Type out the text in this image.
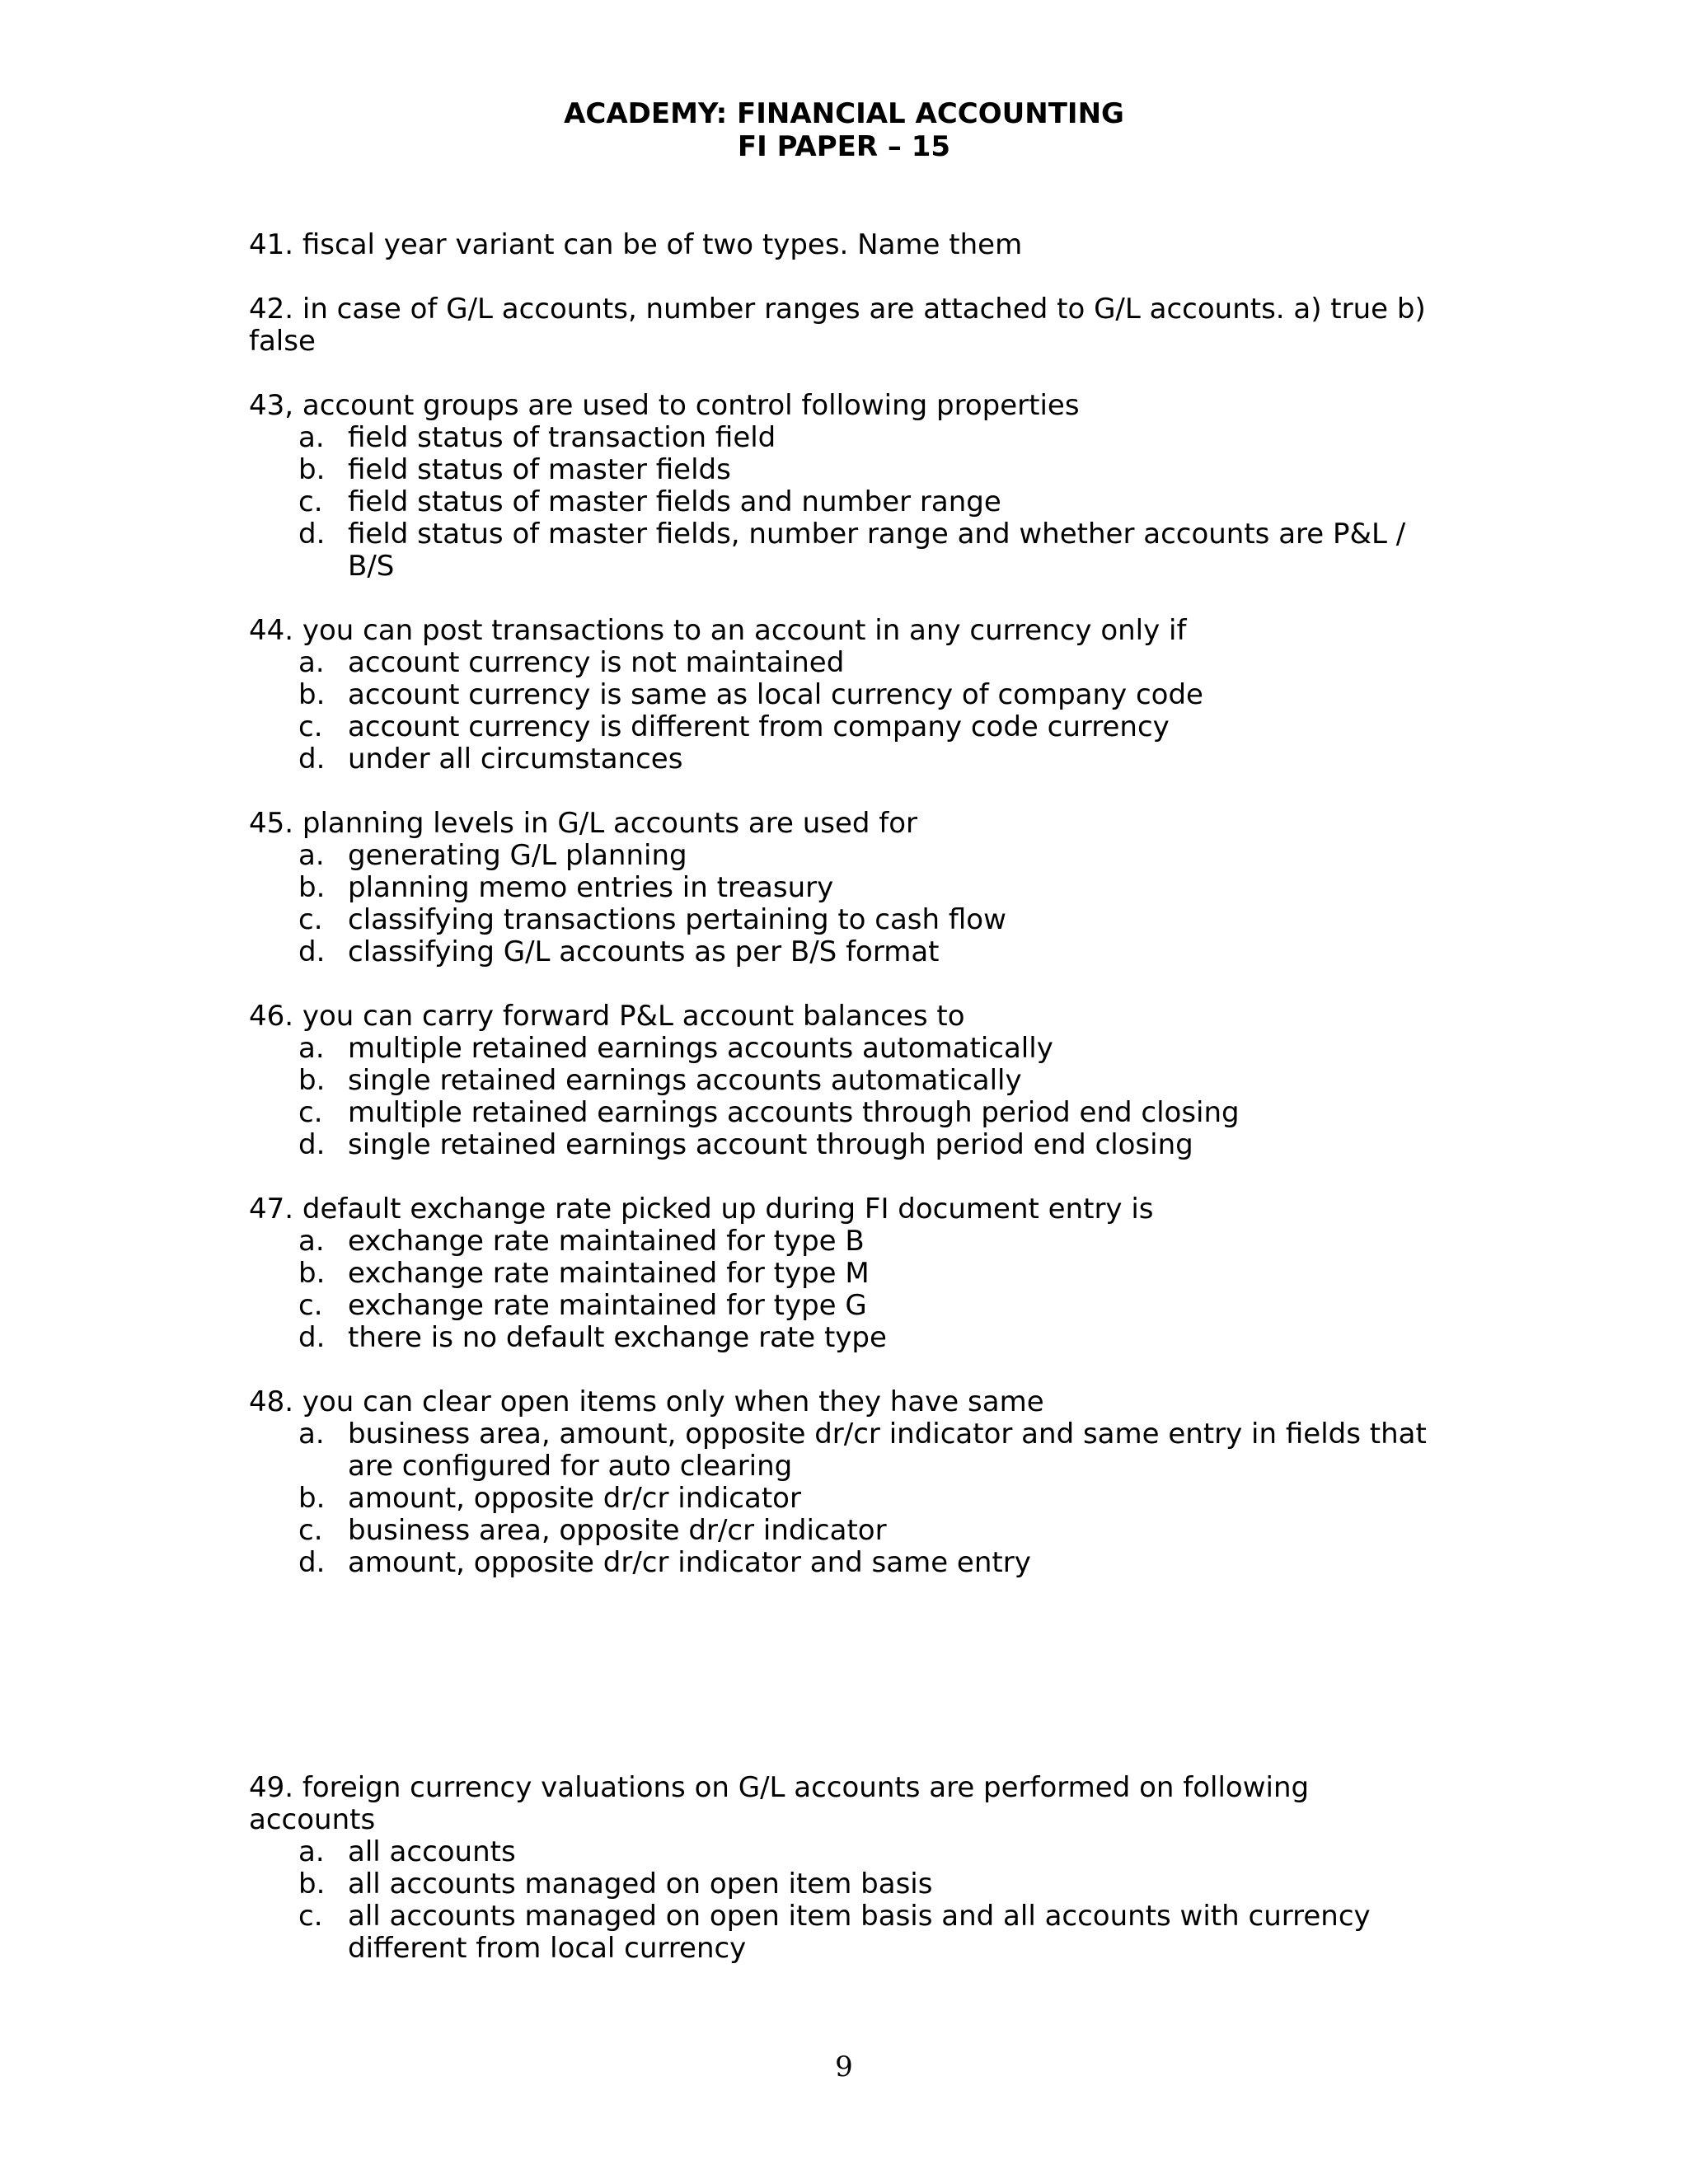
ACADEMY: FINANCIAL ACCOUNTING
FI PAPER – 15

41. fiscal year variant can be of two types. Name them

42. in case of G/L accounts, number ranges are attached to G/L accounts. a) true b) false

43, account groups are used to control following properties

a. field status of transaction field
b. field status of master fields
c. field status of master fields and number range
d. field status of master fields, number range and whether accounts are P&L / B/S

44. you can post transactions to an account in any currency only if

a. account currency is not maintained
b. account currency is same as local currency of company code
c. account currency is different from company code currency
d. under all circumstances

45. planning levels in G/L accounts are used for

a. generating G/L planning
b. planning memo entries in treasury
c. classifying transactions pertaining to cash flow
d. classifying G/L accounts as per B/S format

46. you can carry forward P&L account balances to

a. multiple retained earnings accounts automatically
b. single retained earnings accounts automatically
c. multiple retained earnings accounts through period end closing
d. single retained earnings account through period end closing

47. default exchange rate picked up during FI document entry is

a. exchange rate maintained for type B
b. exchange rate maintained for type M
c. exchange rate maintained for type G
d. there is no default exchange rate type

48. you can clear open items only when they have same

a. business area, amount, opposite dr/cr indicator and same entry in fields that are configured for auto clearing
b. amount, opposite dr/cr indicator
c. business area, opposite dr/cr indicator
d. amount, opposite dr/cr indicator and same entry

49. foreign currency valuations on G/L accounts are performed on following accounts

a. all accounts
b. all accounts managed on open item basis
c. all accounts managed on open item basis and all accounts with currency different from local currency
9
